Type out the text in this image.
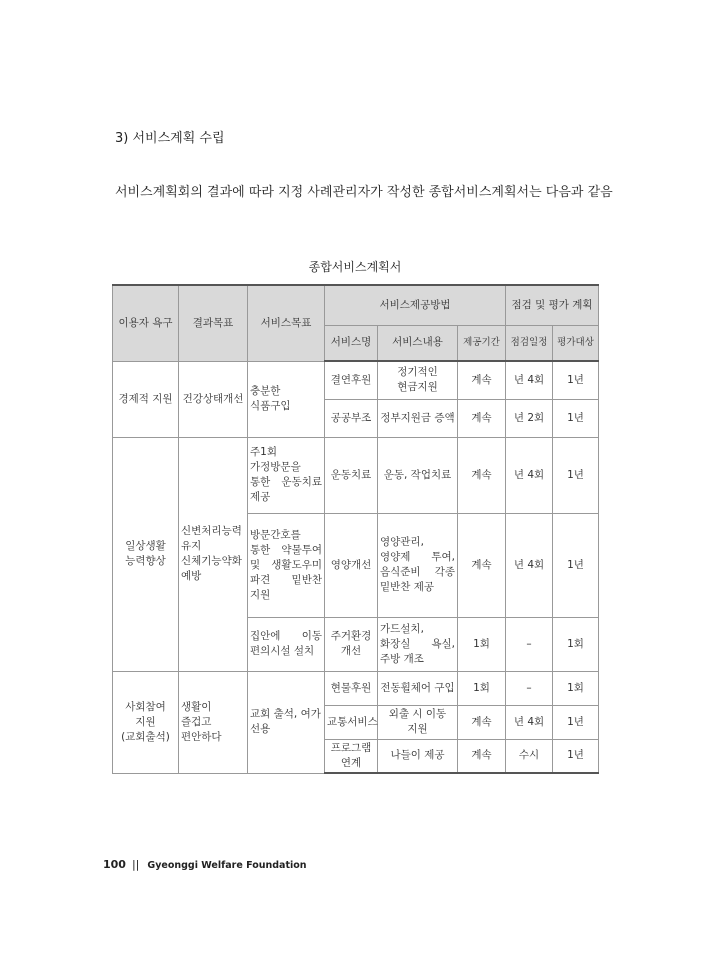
3) 서비스계획 수립
서비스계획회의 결과에 따라 지정 사례관리자가 작성한 종합서비스계획서는 다음과 같음
종합서비스계획서
이용자 욕구	결과목표	서비스목표	서비스제공방법			점검 및 평가 계획	
			서비스명	서비스내용	제공기간	점검일정	평가대상
경제적 지원	건강상태개선	충분한 식품구입	결연후원	정기적인 현금지원	계속	년 4회	1년
			공공부조	정부지원금 증액	계속	년 2회	1년
일상생활 능력향상	신변처리능력 유지 신체기능약화 예방	주1회 가정방문을 통한 운동치료 제공	운동치료	운동, 작업치료	계속	년 4회	1년
		방문간호를 통한 약물투여 및 생활도우미 파견 밑반찬 지원	영양개선	영양관리, 영양제 투여, 음식준비 각종 밑반찬 제공	계속	년 4회	1년
		집안에 이동 편의시설 설치	주거환경 개선	가드설치, 화장실 욕실, 주방 개조	1회	–	1회
사회참여 지원 (교회출석)	생활이 즐겁고 편안하다	교회 출석, 여가 선용	현물후원	전동휠체어 구입	1회	–	1회
			교통서비스	외출 시 이동 지원	계속	년 4회	1년
			프로그램 연계	나들이 제공	계속	수시	1년
100 || Gyeonggi Welfare Foundation
